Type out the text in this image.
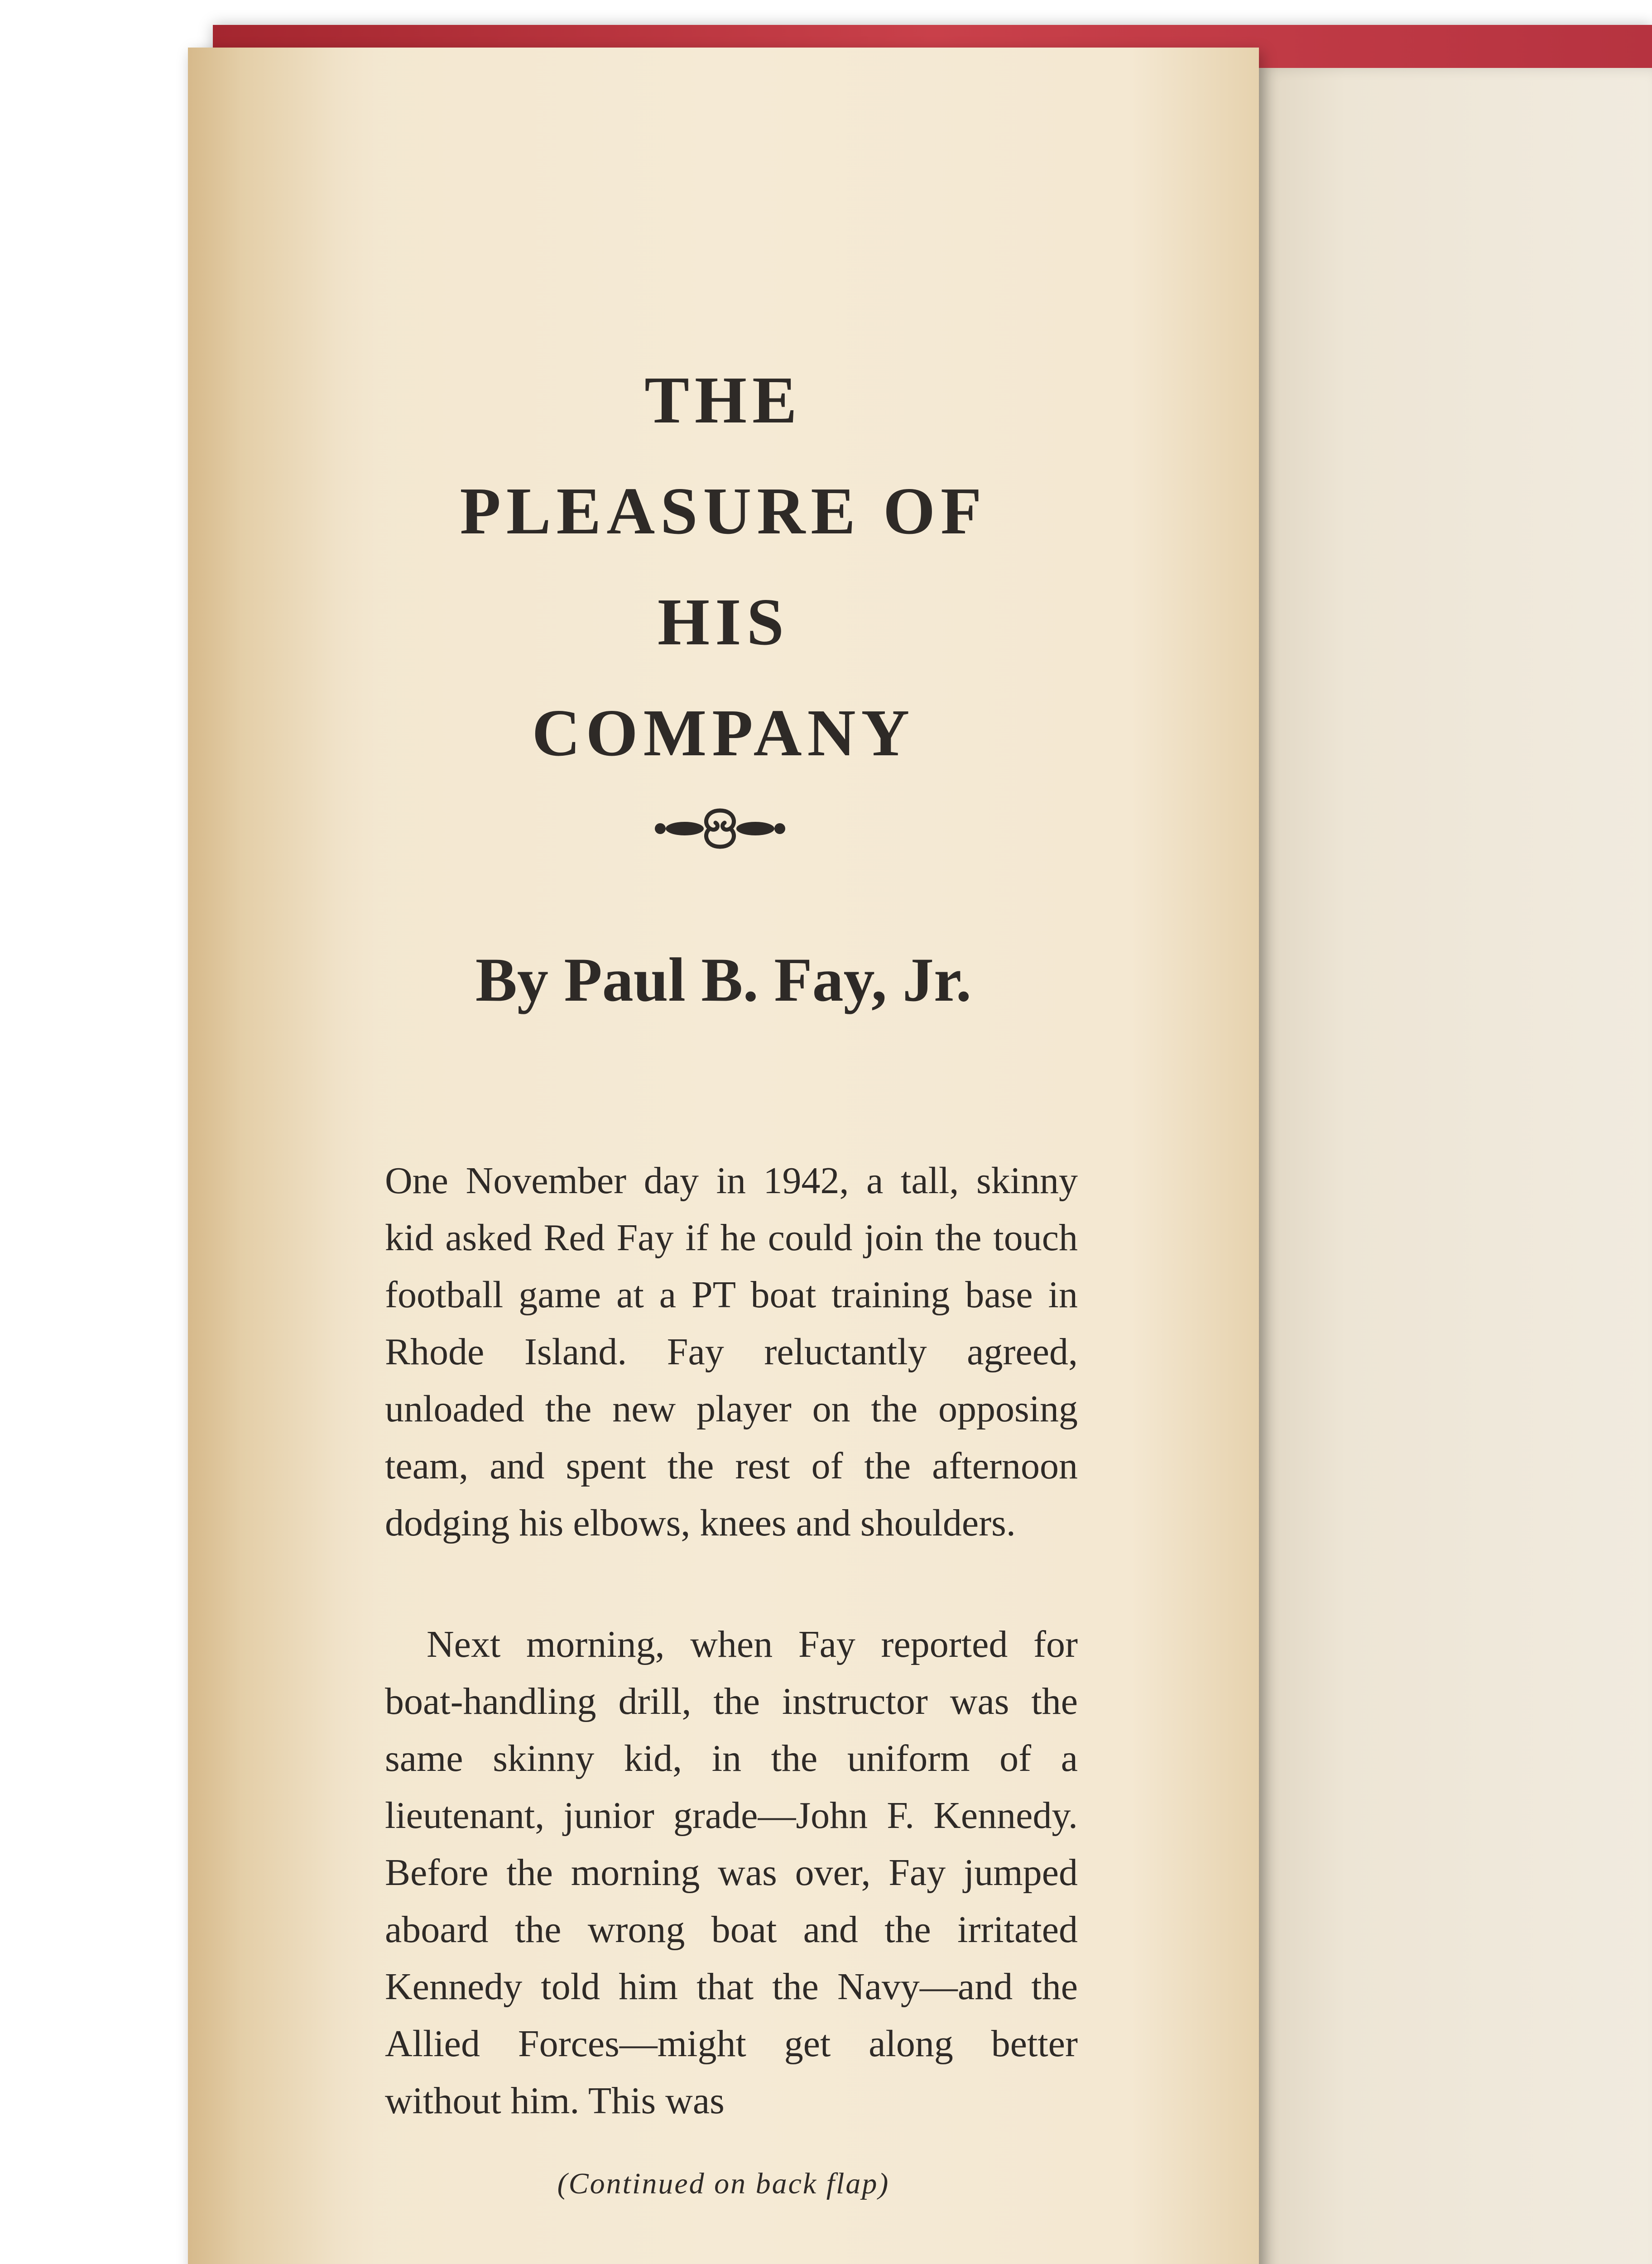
THE
PLEASURE OF
HIS
COMPANY
By Paul B. Fay, Jr.

One November day in 1942, a tall, skinny kid asked Red Fay if he could join the touch football game at a PT boat training base in Rhode Island. Fay reluctantly agreed, unloaded the new player on the opposing team, and spent the rest of the afternoon dodging his elbows, knees and shoulders.

Next morning, when Fay reported for boat-handling drill, the instructor was the same skinny kid, in the uniform of a lieutenant, junior grade—John F. Kennedy. Before the morning was over, Fay jumped aboard the wrong boat and the irritated Kennedy told him that the Navy—and the Allied Forces—might get along better without him. This was

(Continued on back flap)
